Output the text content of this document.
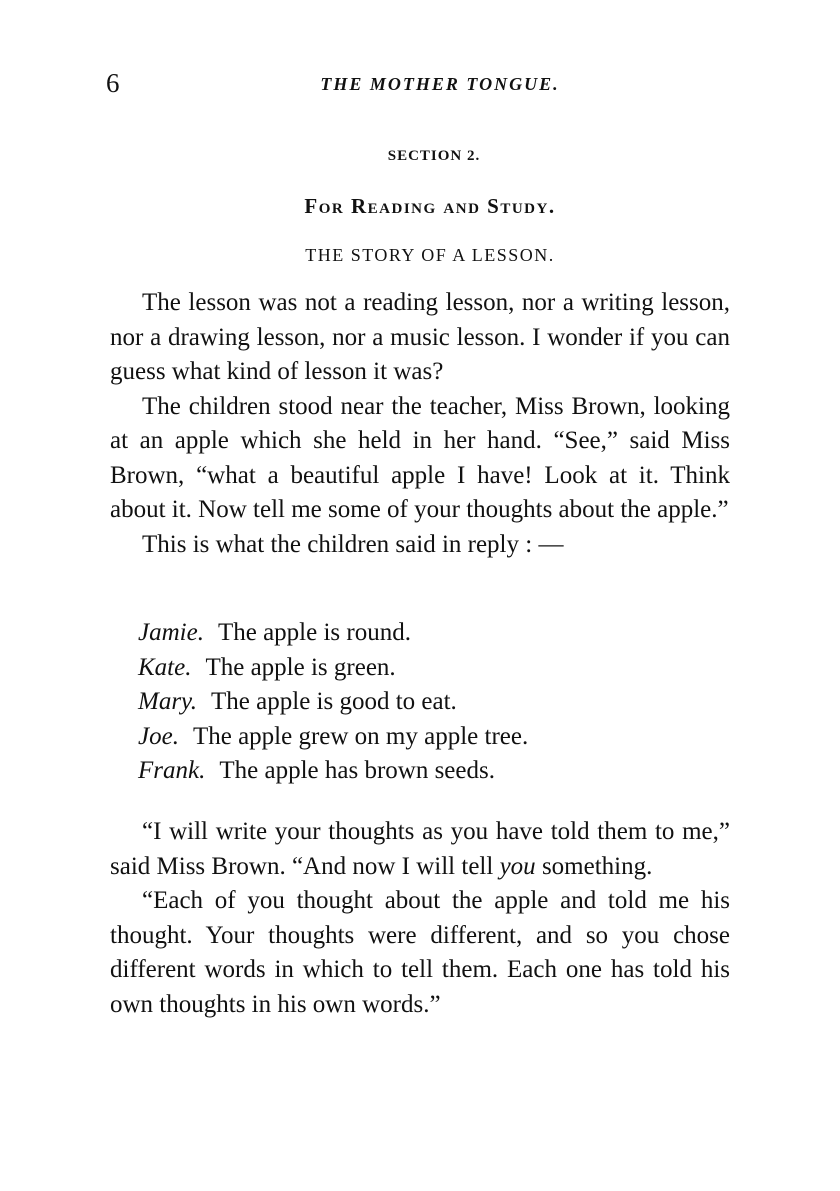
6	THE MOTHER TONGUE.
SECTION 2.
For Reading and Study.
THE STORY OF A LESSON.

The lesson was not a reading lesson, nor a writing lesson, nor a drawing lesson, nor a music lesson. I wonder if you can guess what kind of lesson it was?

The children stood near the teacher, Miss Brown, looking at an apple which she held in her hand. “See,” said Miss Brown, “what a beautiful apple I have! Look at it. Think about it. Now tell me some of your thoughts about the apple.”

This is what the children said in reply : —

Jamie. The apple is round.
Kate. The apple is green.
Mary. The apple is good to eat.
Joe. The apple grew on my apple tree.
Frank. The apple has brown seeds.

“I will write your thoughts as you have told them to me,” said Miss Brown. “And now I will tell you something.

“Each of you thought about the apple and told me his thought. Your thoughts were different, and so you chose different words in which to tell them. Each one has told his own thoughts in his own words.”
